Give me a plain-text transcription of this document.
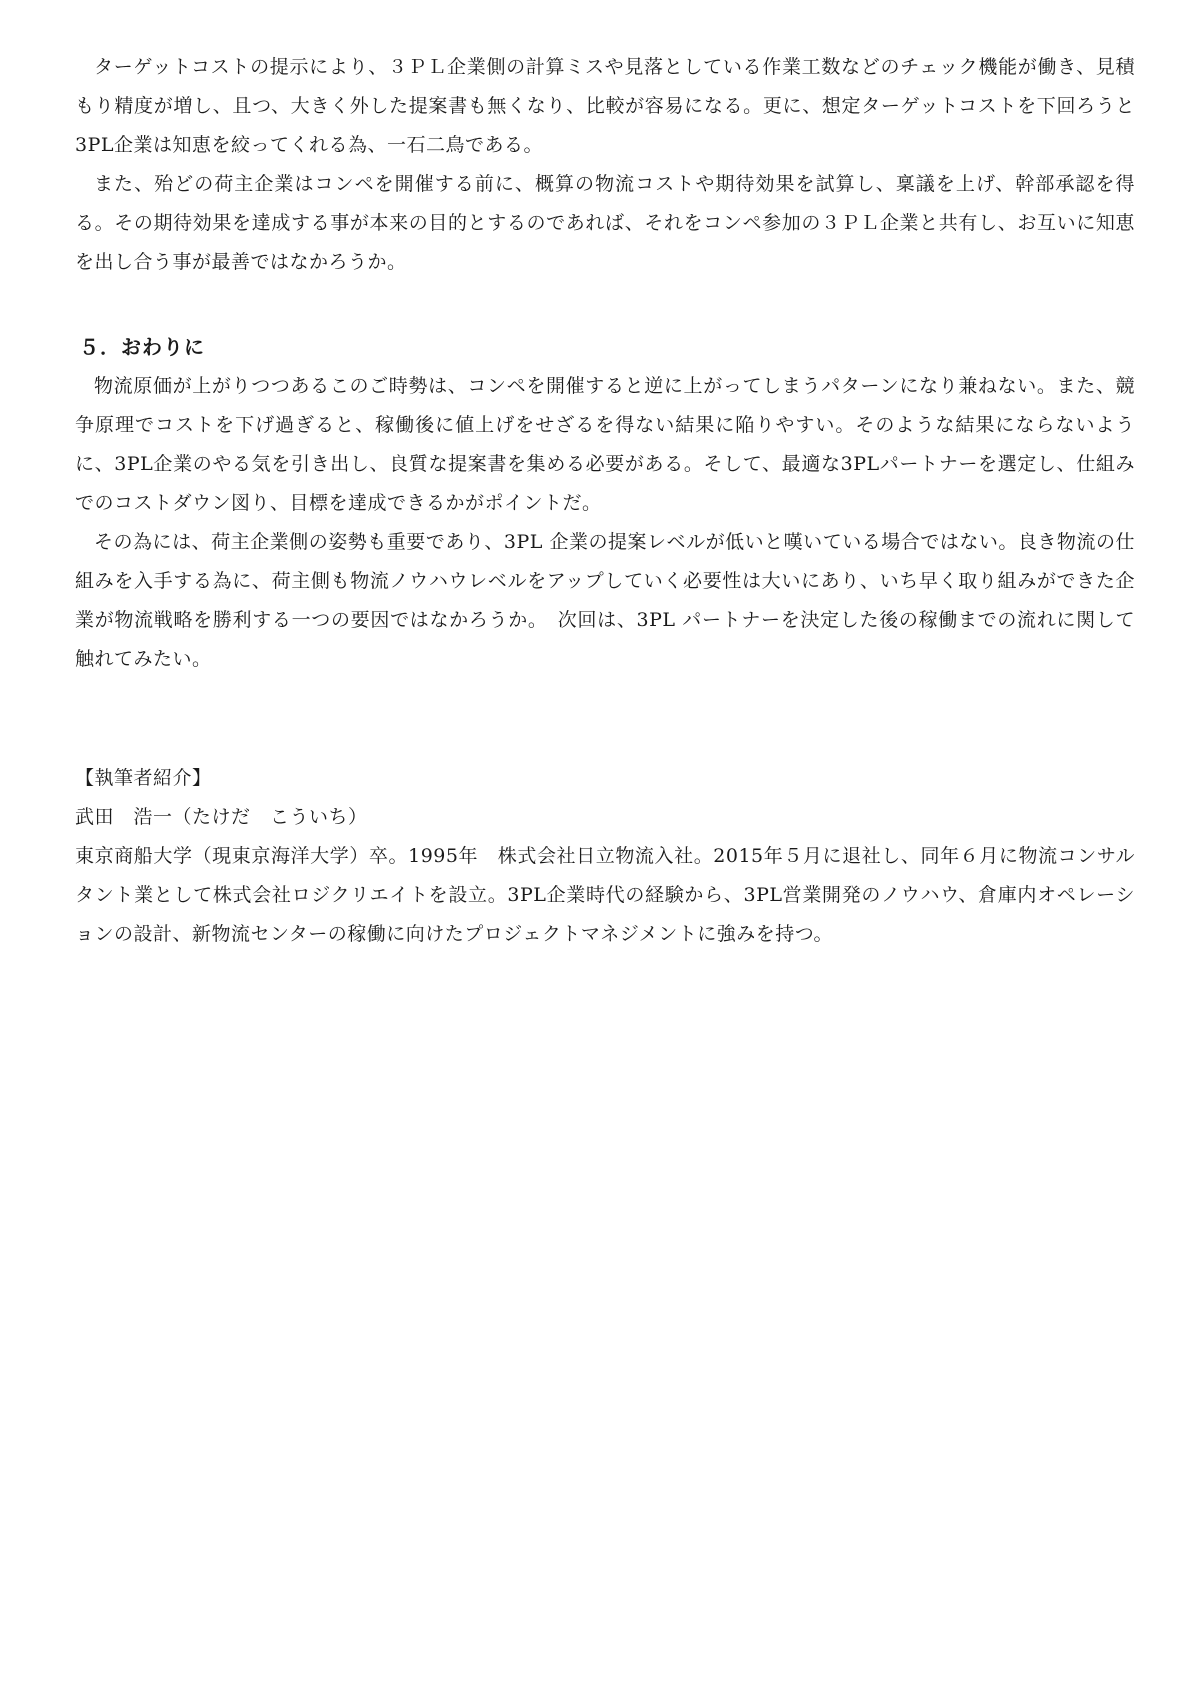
ターゲットコストの提示により、３ＰＬ企業側の計算ミスや見落としている作業工数などのチェック機能が働き、見積もり精度が増し、且つ、大きく外した提案書も無くなり、比較が容易になる。更に、想定ターゲットコストを下回ろうと3PL企業は知恵を絞ってくれる為、一石二鳥である。

また、殆どの荷主企業はコンペを開催する前に、概算の物流コストや期待効果を試算し、稟議を上げ、幹部承認を得る。その期待効果を達成する事が本来の目的とするのであれば、それをコンペ参加の３ＰＬ企業と共有し、お互いに知恵を出し合う事が最善ではなかろうか。

５．おわりに

物流原価が上がりつつあるこのご時勢は、コンペを開催すると逆に上がってしまうパターンになり兼ねない。また、競争原理でコストを下げ過ぎると、稼働後に値上げをせざるを得ない結果に陥りやすい。そのような結果にならないように、3PL企業のやる気を引き出し、良質な提案書を集める必要がある。そして、最適な3PLパートナーを選定し、仕組みでのコストダウン図り、目標を達成できるかがポイントだ。

その為には、荷主企業側の姿勢も重要であり、3PL 企業の提案レベルが低いと嘆いている場合ではない。良き物流の仕組みを入手する為に、荷主側も物流ノウハウレベルをアップしていく必要性は大いにあり、いち早く取り組みができた企業が物流戦略を勝利する一つの要因ではなかろうか。　次回は、3PL パートナーを決定した後の稼働までの流れに関して触れてみたい。

【執筆者紹介】

武田　浩一（たけだ　こういち）

東京商船大学（現東京海洋大学）卒。1995年　株式会社日立物流入社。2015年５月に退社し、同年６月に物流コンサルタント業として株式会社ロジクリエイトを設立。3PL企業時代の経験から、3PL営業開発のノウハウ、倉庫内オペレーションの設計、新物流センターの稼働に向けたプロジェクトマネジメントに強みを持つ。
